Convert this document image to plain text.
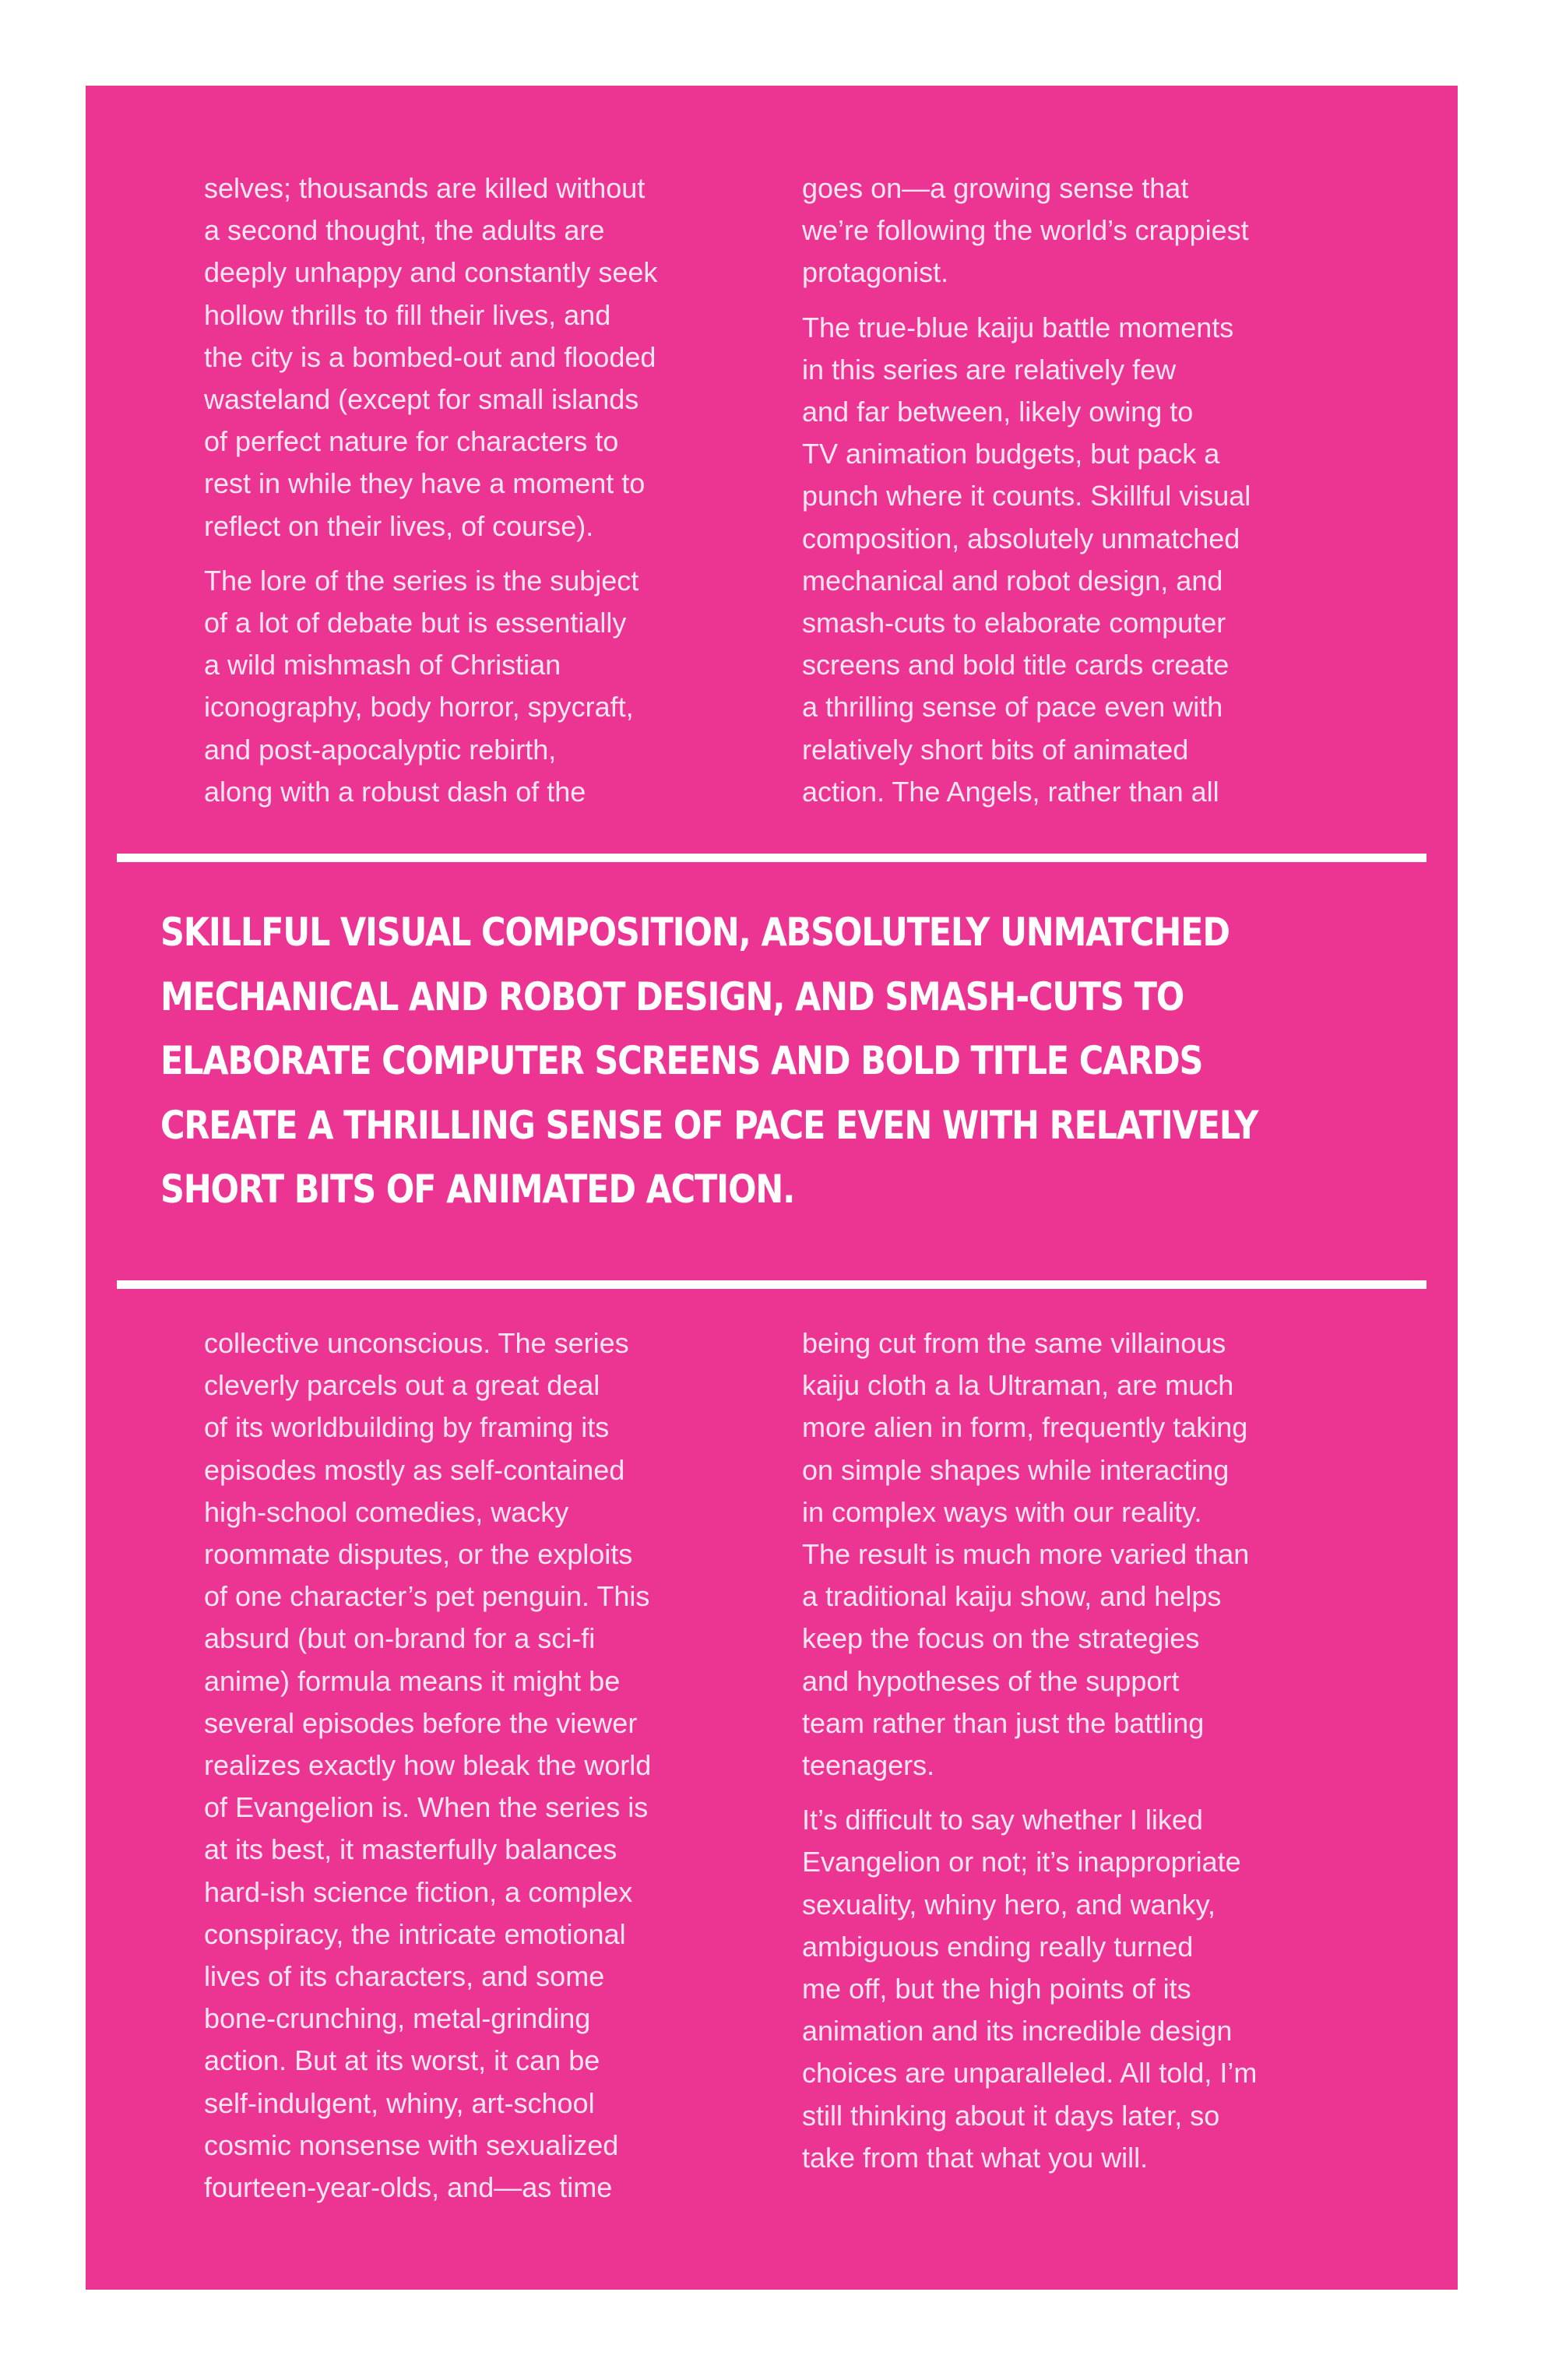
selves; thousands are killed without
a second thought, the adults are
deeply unhappy and constantly seek
hollow thrills to fill their lives, and
the city is a bombed-out and flooded
wasteland (except for small islands
of perfect nature for characters to
rest in while they have a moment to
reflect on their lives, of course).

The lore of the series is the subject
of a lot of debate but is essentially
a wild mishmash of Christian
iconography, body horror, spycraft,
and post-apocalyptic rebirth,
along with a robust dash of the

goes on—a growing sense that
we’re following the world’s crappiest
protagonist.

The true-blue kaiju battle moments
in this series are relatively few
and far between, likely owing to
TV animation budgets, but pack a
punch where it counts. Skillful visual
composition, absolutely unmatched
mechanical and robot design, and
smash-cuts to elaborate computer
screens and bold title cards create
a thrilling sense of pace even with
relatively short bits of animated
action. The Angels, rather than all

SKILLFUL VISUAL COMPOSITION, ABSOLUTELY UNMATCHED
MECHANICAL AND ROBOT DESIGN, AND SMASH-CUTS TO
ELABORATE COMPUTER SCREENS AND BOLD TITLE CARDS
CREATE A THRILLING SENSE OF PACE EVEN WITH RELATIVELY
SHORT BITS OF ANIMATED ACTION.

collective unconscious. The series
cleverly parcels out a great deal
of its worldbuilding by framing its
episodes mostly as self-contained
high-school comedies, wacky
roommate disputes, or the exploits
of one character’s pet penguin. This
absurd (but on-brand for a sci-fi
anime) formula means it might be
several episodes before the viewer
realizes exactly how bleak the world
of Evangelion is. When the series is
at its best, it masterfully balances
hard-ish science fiction, a complex
conspiracy, the intricate emotional
lives of its characters, and some
bone-crunching, metal-grinding
action. But at its worst, it can be
self-indulgent, whiny, art-school
cosmic nonsense with sexualized
fourteen-year-olds, and—as time

being cut from the same villainous
kaiju cloth a la Ultraman, are much
more alien in form, frequently taking
on simple shapes while interacting
in complex ways with our reality.
The result is much more varied than
a traditional kaiju show, and helps
keep the focus on the strategies
and hypotheses of the support
team rather than just the battling
teenagers.

It’s difficult to say whether I liked
Evangelion or not; it’s inappropriate
sexuality, whiny hero, and wanky,
ambiguous ending really turned
me off, but the high points of its
animation and its incredible design
choices are unparalleled. All told, I’m
still thinking about it days later, so
take from that what you will.
